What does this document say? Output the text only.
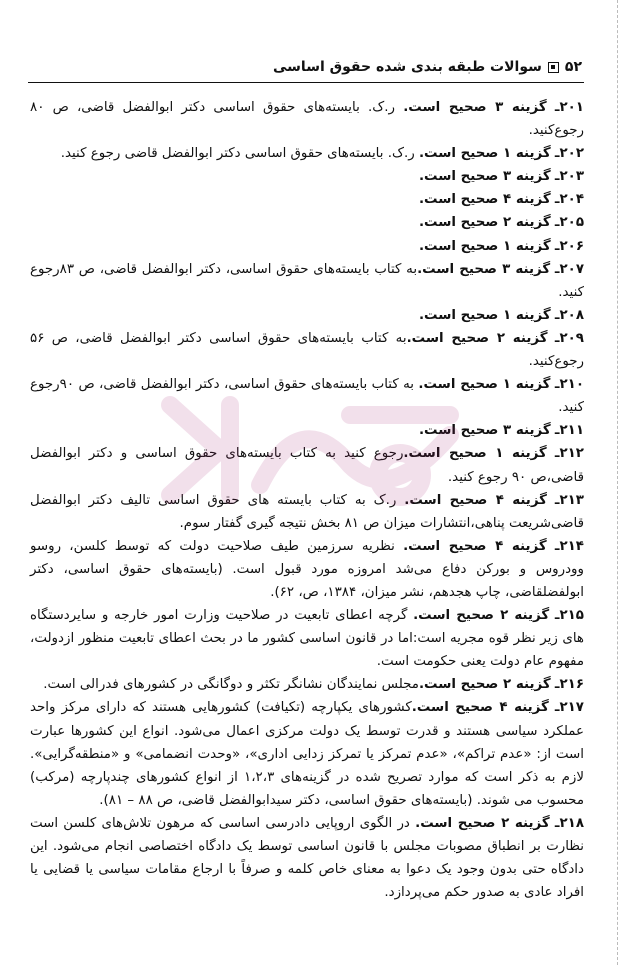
۵۲
سوالات طبقه بندی شده حقوق اساسی

۲۰۱ـ گزینه ۳ صحیح است. ر.ک. بایسته‌های حقوق اساسی دکتر ابوالفضل قاضی، ص ۸۰ رجوع‌کنید.

۲۰۲ـ گزینه ۱ صحیح است. ر.ک. بایسته‌های حقوق اساسی دکتر ابوالفضل قاضی رجوع کنید.

۲۰۳ـ گزینه ۳ صحیح است.

۲۰۴ـ گزینه ۴ صحیح است.

۲۰۵ـ گزینه ۲ صحیح است.

۲۰۶ـ گزینه ۱ صحیح است.

۲۰۷ـ گزینه ۳ صحیح است.به کتاب بایسته‌های حقوق اساسی، دکتر ابوالفضل قاضی، ص ۸۳رجوع کنید.

۲۰۸ـ گزینه ۱ صحیح است.

۲۰۹ـ گزینه ۲ صحیح است.به کتاب بایسته‌های حقوق اساسی دکتر ابوالفضل قاضی، ص ۵۶ رجوع‌کنید.

۲۱۰ـ گزینه ۱ صحیح است. به کتاب بایسته‌های حقوق اساسی، دکتر ابوالفضل قاضی، ص ۹۰رجوع کنید.

۲۱۱ـ گزینه ۳ صحیح است.

۲۱۲ـ گزینه ۱ صحیح است.رجوع کنید به کتاب بایسته‌های حقوق اساسی و دکتر ابوالفضل قاضی،ص ۹۰ رجوع کنید.

۲۱۳ـ گزینه ۴ صحیح است. ر.ک به کتاب بایسته های حقوق اساسی تالیف دکتر ابوالفضل قاضی‌شریعت پناهی،انتشارات میزان ص ۸۱ بخش نتیجه گیری گفتار سوم.

۲۱۴ـ گزینه ۴ صحیح است. نظریه سرزمین طیف صلاحیت دولت که توسط کلسن، روسو وودروس و بورکن دفاع می‌شد امروزه مورد قبول است. (بایسته‌های حقوق اساسی، دکتر ابولفضلقاضی، چاپ هجدهم، نشر میزان، ۱۳۸۴، ص، ۶۲).

۲۱۵ـ گزینه ۲ صحیح است. گرچه اعطای تابعیت در صلاحیت وزارت امور خارجه و سایردستگاه های زیر نظر قوه مجریه است:اما در قانون اساسی کشور ما در بحث اعطای تابعیت منظور ازدولت، مفهوم عام دولت یعنی حکومت است.

۲۱۶ـ گزینه ۲ صحیح است.مجلس نمایندگان نشانگر تکثر و دوگانگی در کشورهای فدرالی است.

۲۱۷ـ گزینه ۴ صحیح است.کشورهای یکپارچه (تکیافت) کشورهایی هستند که دارای مرکز واحد عملکرد سیاسی هستند و قدرت توسط یک دولت مرکزی اعمال می‌شود. انواع این کشورها عبارت است از: «عدم تراکم»، «عدم تمرکز یا تمرکز زدایی اداری»، «وحدت انضمامی» و «منطقه‌گرایی». لازم به ذکر است که موارد تصریح شده در گزینه‌های ۱،۲،۳ از انواع کشورهای چندپارچه (مرکب) محسوب می شوند. (بایسته‌های حقوق اساسی، دکتر سیدابوالفضل قاضی، ص ۸۸ – ۸۱).

۲۱۸ـ گزینه ۲ صحیح است. در الگوی اروپایی دادرسی اساسی که مرهون تلاش‌های کلسن است نظارت بر انطباق مصوبات مجلس با قانون اساسی توسط یک دادگاه اختصاصی انجام می‌شود. این دادگاه حتی بدون وجود یک دعوا به معنای خاص کلمه و صرفاً با ارجاع مقامات سیاسی یا قضایی یا افراد عادی به صدور حکم می‌پردازد.
